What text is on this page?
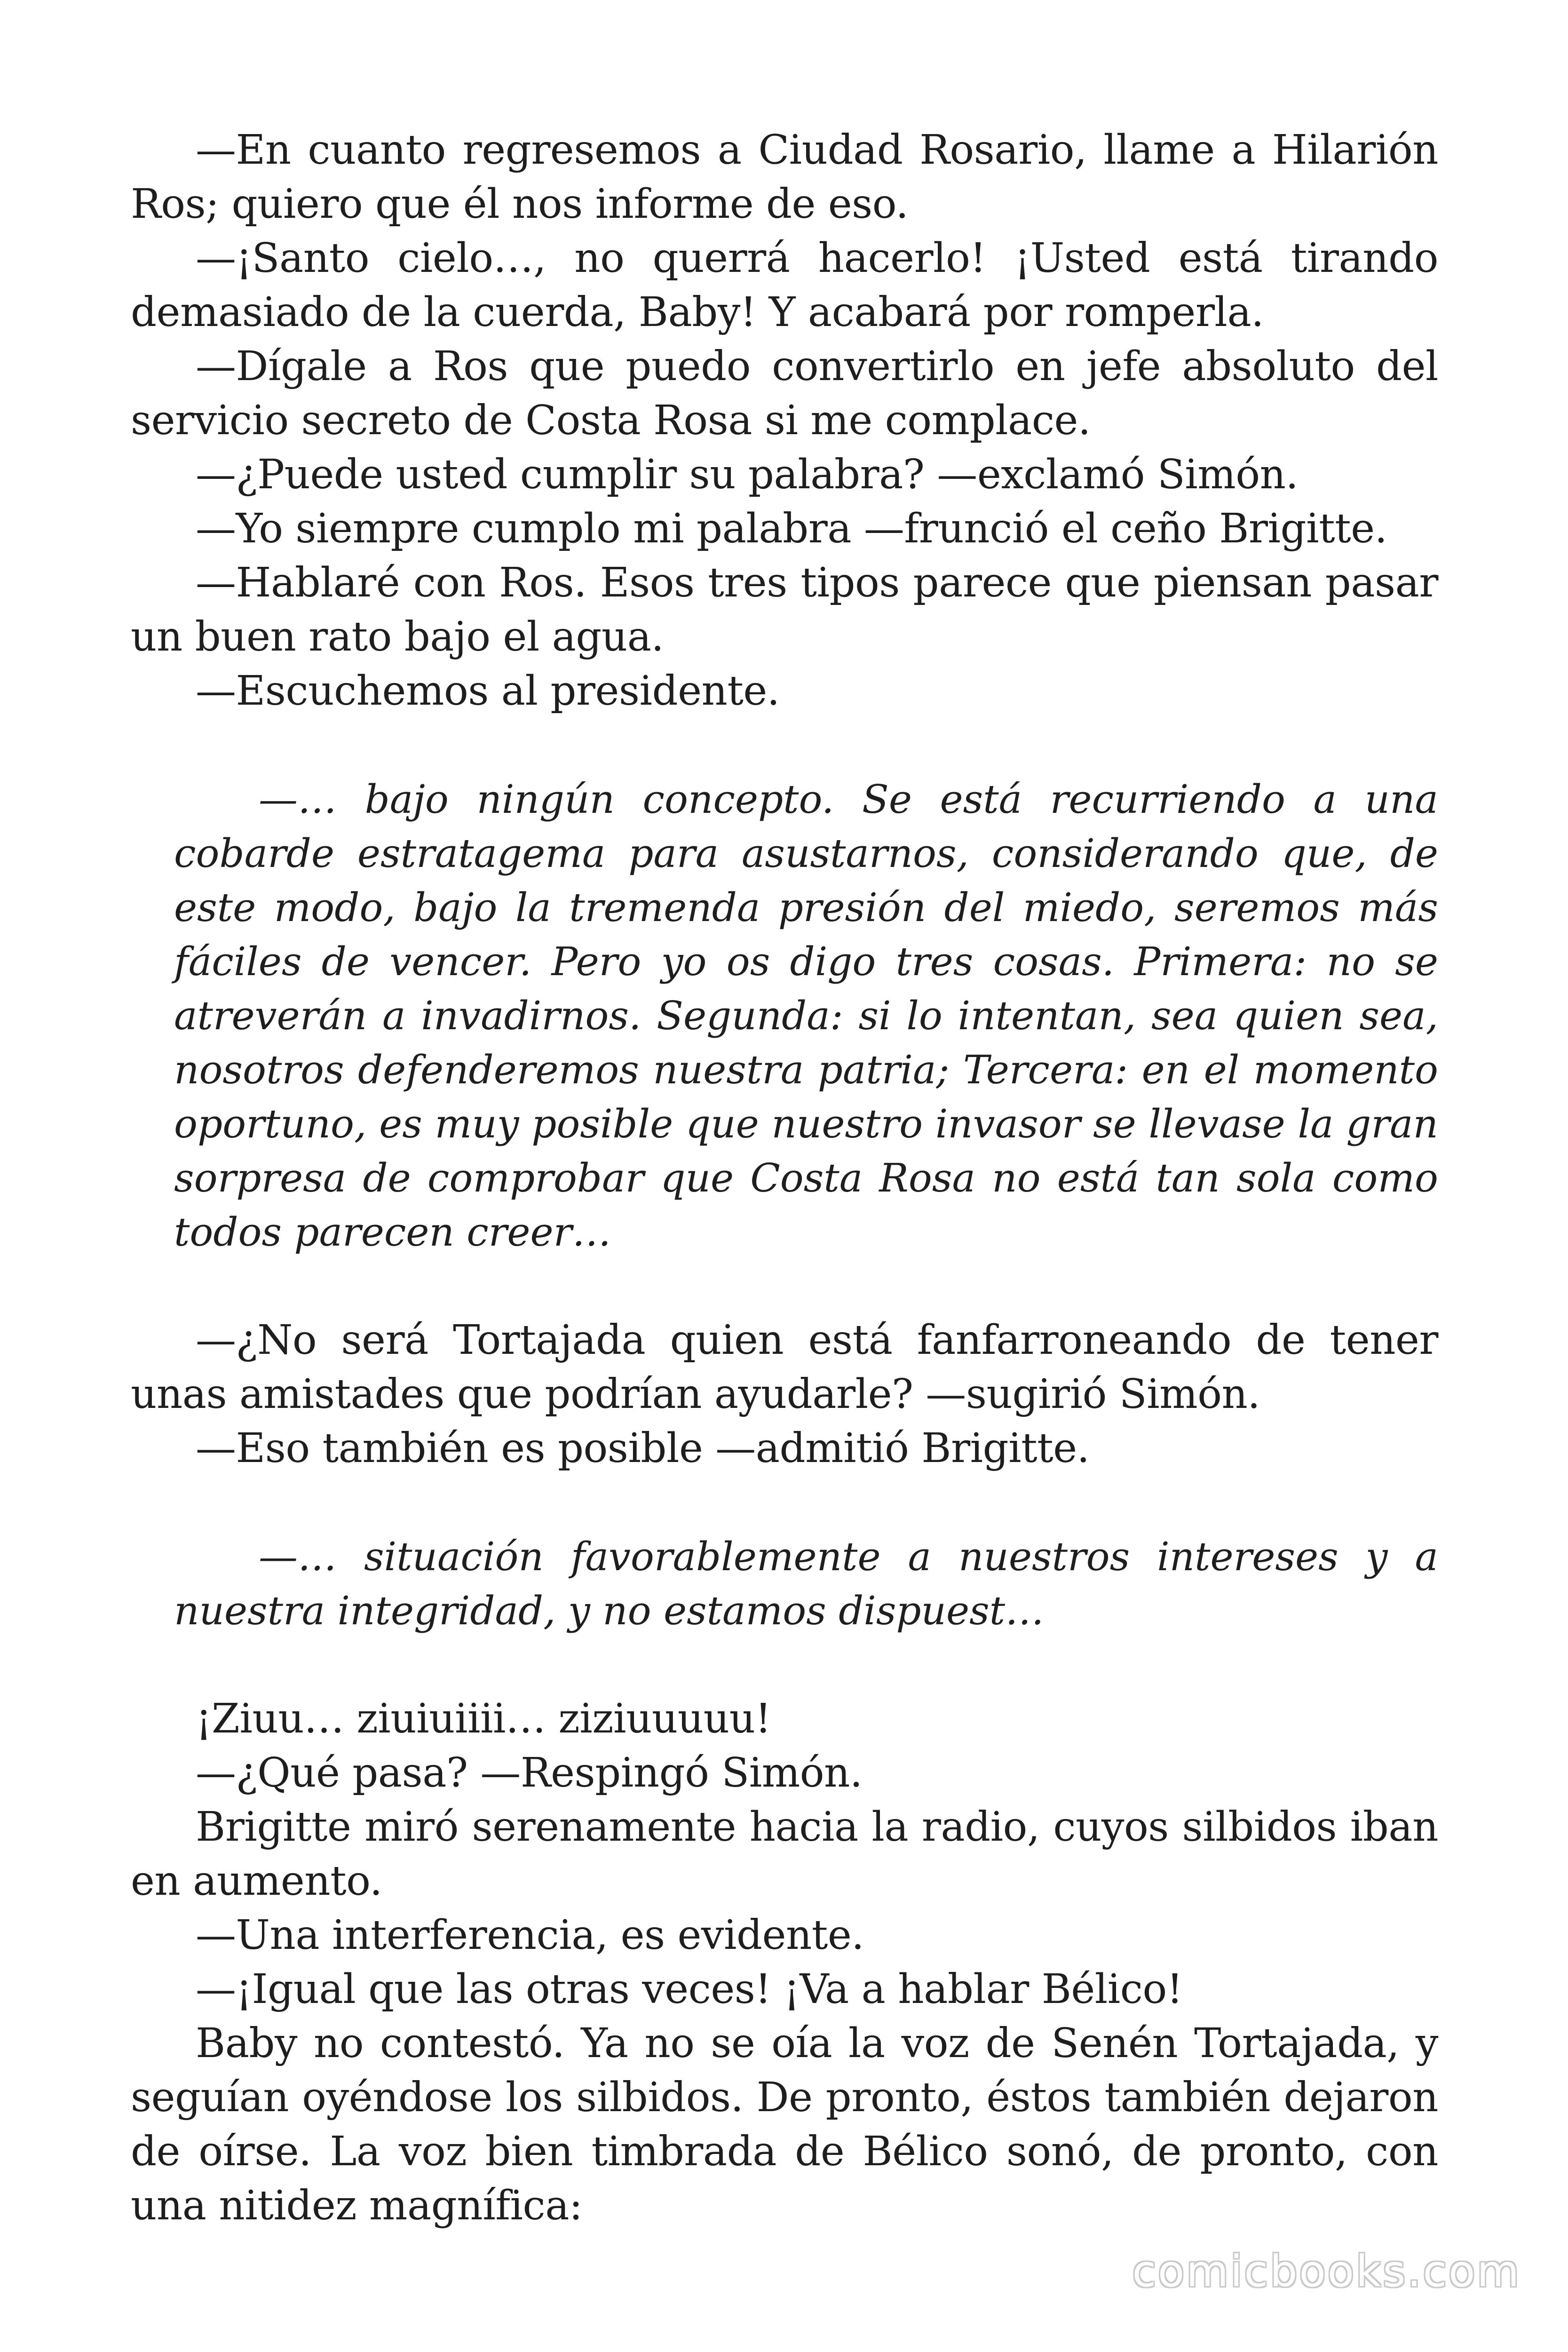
—En cuanto regresemos a Ciudad Rosario, llame a Hilarión Ros; quiero que él nos informe de eso.

—¡Santo cielo…, no querrá hacerlo! ¡Usted está tirando demasiado de la cuerda, Baby! Y acabará por romperla.

—Dígale a Ros que puedo convertirlo en jefe absoluto del servicio secreto de Costa Rosa si me complace.

—¿Puede usted cumplir su palabra? —exclamó Simón.

—Yo siempre cumplo mi palabra —frunció el ceño Brigitte.

—Hablaré con Ros. Esos tres tipos parece que piensan pasar un buen rato bajo el agua.

—Escuchemos al presidente.

—… bajo ningún concepto. Se está recurriendo a una cobarde estratagema para asustarnos, considerando que, de este modo, bajo la tremenda presión del miedo, seremos más fáciles de vencer. Pero yo os digo tres cosas. Primera: no se atreverán a invadirnos. Segunda: si lo intentan, sea quien sea, nosotros defenderemos nuestra patria; Tercera: en el momento oportuno, es muy posible que nuestro invasor se llevase la gran sorpresa de comprobar que Costa Rosa no está tan sola como todos parecen creer…

—¿No será Tortajada quien está fanfarroneando de tener unas amistades que podrían ayudarle? —sugirió Simón.

—Eso también es posible —admitió Brigitte.

—… situación favorablemente a nuestros intereses y a nuestra integridad, y no estamos dispuest…

¡Ziuu… ziuiuiiii… ziziuuuuu!

—¿Qué pasa? —Respingó Simón.

Brigitte miró serenamente hacia la radio, cuyos silbidos iban en aumento.

—Una interferencia, es evidente.

—¡Igual que las otras veces! ¡Va a hablar Bélico!

Baby no contestó. Ya no se oía la voz de Senén Tortajada, y seguían oyéndose los silbidos. De pronto, éstos también dejaron de oírse. La voz bien timbrada de Bélico sonó, de pronto, con una nitidez magnífica:

comicbooks.com
